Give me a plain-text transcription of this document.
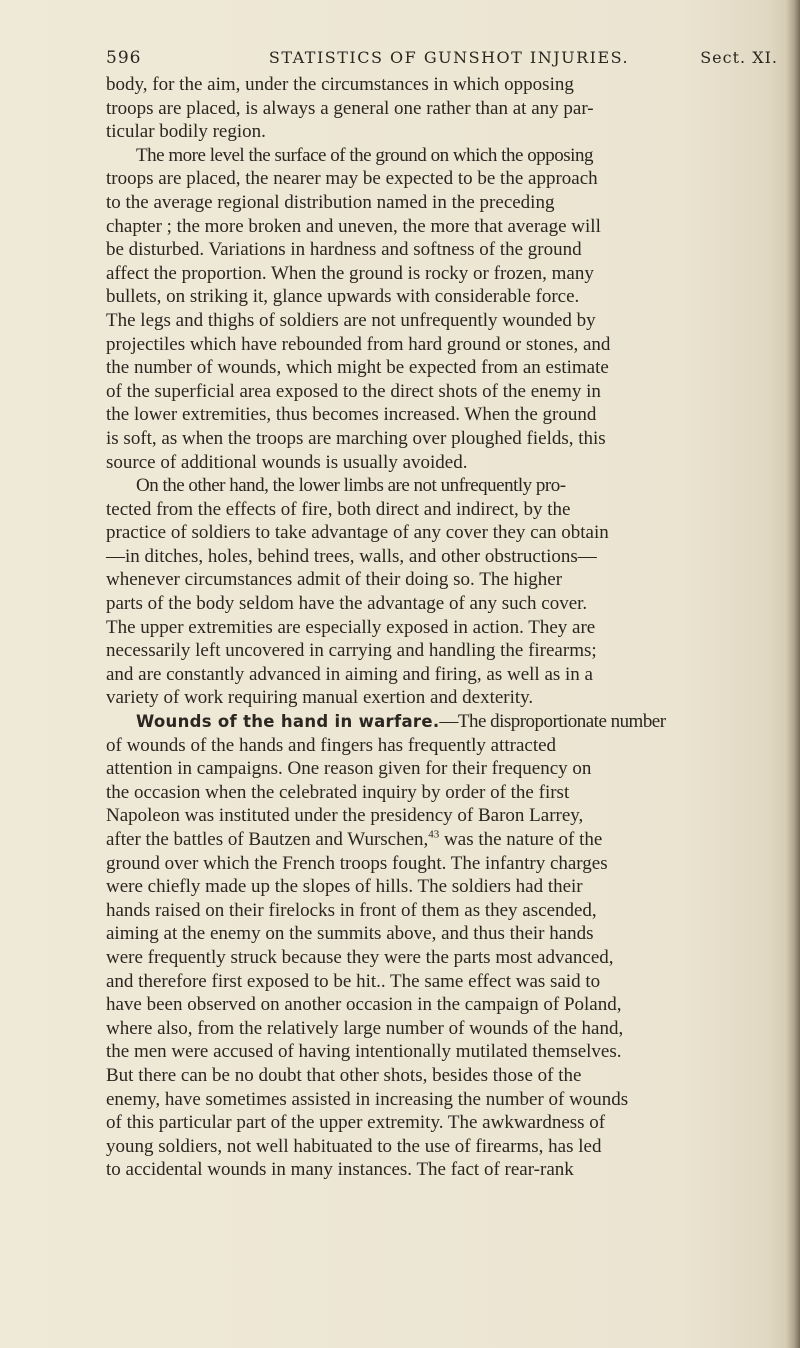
596	STATISTICS OF GUNSHOT INJURIES.	Sect. XI.
body, for the aim, under the circumstances in which opposing
troops are placed, is always a general one rather than at any par-
ticular bodily region.
The more level the surface of the ground on which the opposing
troops are placed, the nearer may be expected to be the approach
to the average regional distribution named in the preceding
chapter ; the more broken and uneven, the more that average will
be disturbed. Variations in hardness and softness of the ground
affect the proportion. When the ground is rocky or frozen, many
bullets, on striking it, glance upwards with considerable force.
The legs and thighs of soldiers are not unfrequently wounded by
projectiles which have rebounded from hard ground or stones, and
the number of wounds, which might be expected from an estimate
of the superficial area exposed to the direct shots of the enemy in
the lower extremities, thus becomes increased. When the ground
is soft, as when the troops are marching over ploughed fields, this
source of additional wounds is usually avoided.
On the other hand, the lower limbs are not unfrequently pro-
tected from the effects of fire, both direct and indirect, by the
practice of soldiers to take advantage of any cover they can obtain
—in ditches, holes, behind trees, walls, and other obstructions—
whenever circumstances admit of their doing so. The higher
parts of the body seldom have the advantage of any such cover.
The upper extremities are especially exposed in action. They are
necessarily left uncovered in carrying and handling the firearms;
and are constantly advanced in aiming and firing, as well as in a
variety of work requiring manual exertion and dexterity.
Wounds of the hand in warfare.—The disproportionate number
of wounds of the hands and fingers has frequently attracted
attention in campaigns. One reason given for their frequency on
the occasion when the celebrated inquiry by order of the first
Napoleon was instituted under the presidency of Baron Larrey,
after the battles of Bautzen and Wurschen,$^{43}$ was the nature of the
ground over which the French troops fought. The infantry charges
were chiefly made up the slopes of hills. The soldiers had their
hands raised on their firelocks in front of them as they ascended,
aiming at the enemy on the summits above, and thus their hands
were frequently struck because they were the parts most advanced,
and therefore first exposed to be hit.. The same effect was said to
have been observed on another occasion in the campaign of Poland,
where also, from the relatively large number of wounds of the hand,
the men were accused of having intentionally mutilated themselves.
But there can be no doubt that other shots, besides those of the
enemy, have sometimes assisted in increasing the number of wounds
of this particular part of the upper extremity. The awkwardness of
young soldiers, not well habituated to the use of firearms, has led
to accidental wounds in many instances. The fact of rear-rank
